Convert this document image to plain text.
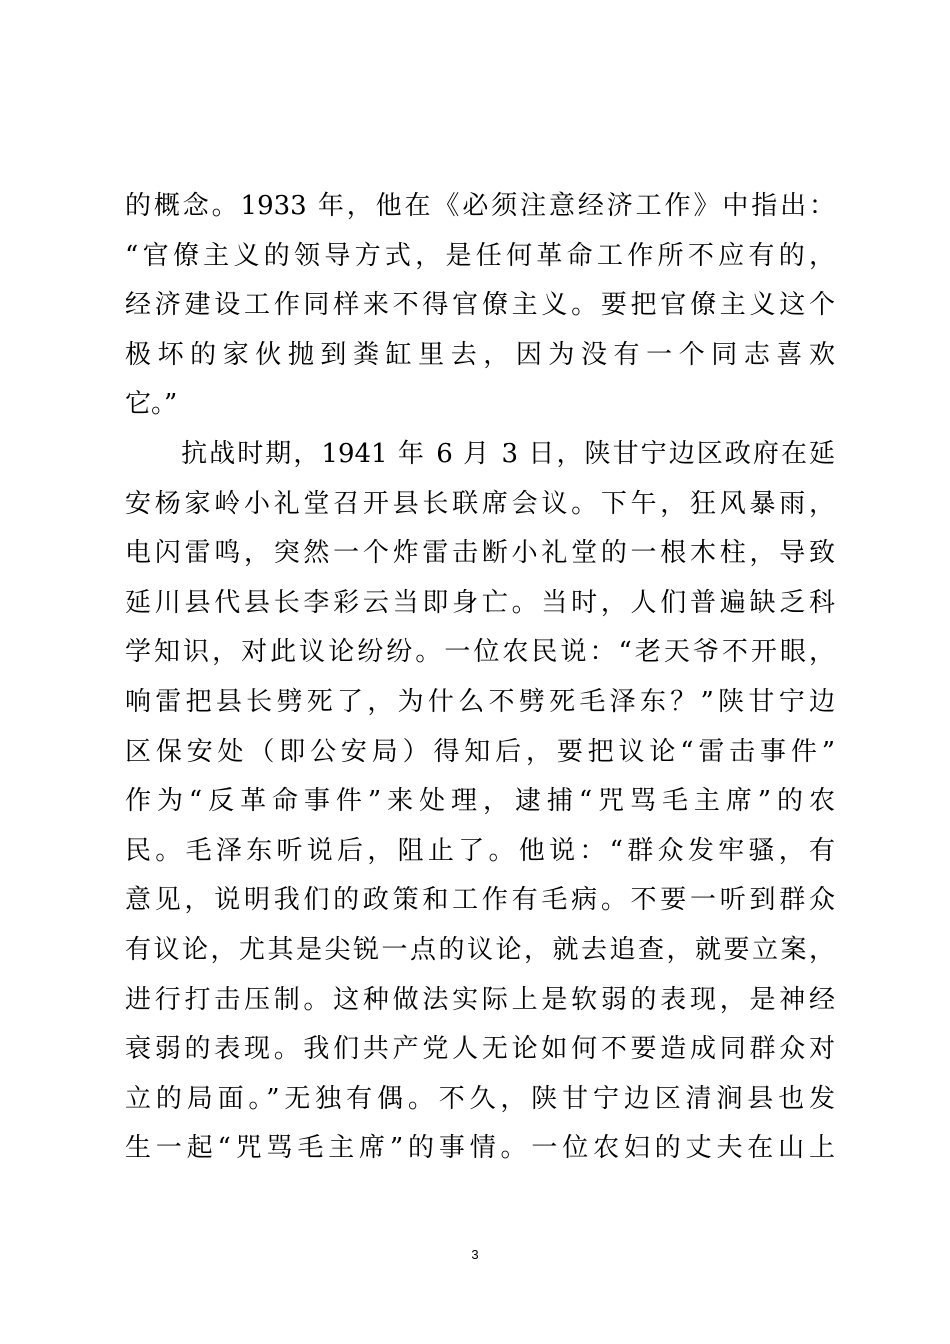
的概念。1933 年，他在《必须注意经济工作》中指出：
“官僚主义的领导方式，是任何革命工作所不应有的，
经济建设工作同样来不得官僚主义。要把官僚主义这个
极坏的家伙抛到粪缸里去，因为没有一个同志喜欢
它。”
　　抗战时期，1941 年 6 月 3 日，陕甘宁边区政府在延
安杨家岭小礼堂召开县长联席会议。下午，狂风暴雨，
电闪雷鸣，突然一个炸雷击断小礼堂的一根木柱，导致
延川县代县长李彩云当即身亡。当时，人们普遍缺乏科
学知识，对此议论纷纷。一位农民说：“老天爷不开眼，
响雷把县长劈死了，为什么不劈死毛泽东？”陕甘宁边
区保安处（即公安局）得知后，要把议论“雷击事件”
作为“反革命事件”来处理，逮捕“咒骂毛主席”的农
民。毛泽东听说后，阻止了。他说：“群众发牢骚，有
意见，说明我们的政策和工作有毛病。不要一听到群众
有议论，尤其是尖锐一点的议论，就去追查，就要立案，
进行打击压制。这种做法实际上是软弱的表现，是神经
衰弱的表现。我们共产党人无论如何不要造成同群众对
立的局面。”无独有偶。不久，陕甘宁边区清涧县也发
生一起“咒骂毛主席”的事情。一位农妇的丈夫在山上
3
